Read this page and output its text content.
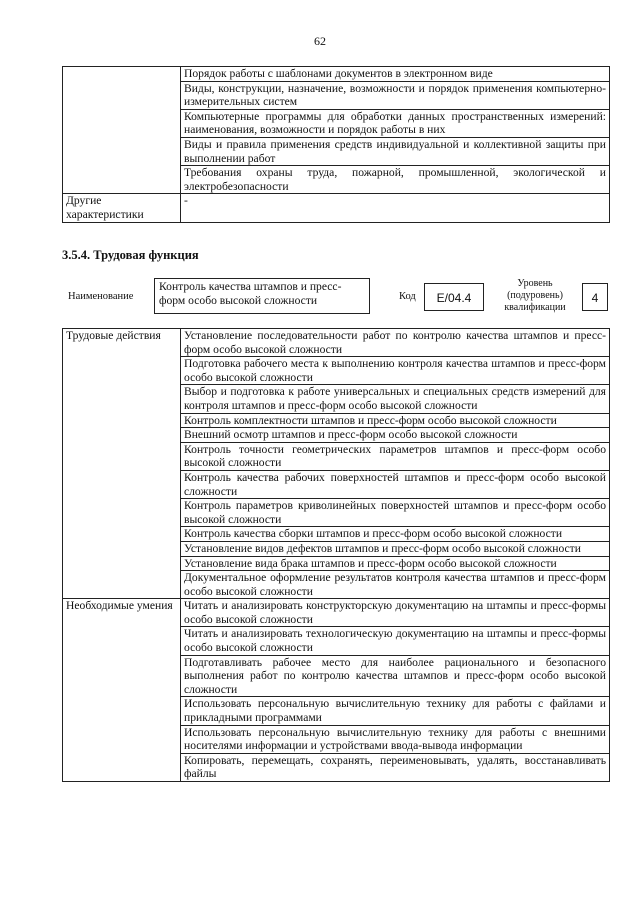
62
	Порядок работы с шаблонами документов в электронном виде
	Виды, конструкции, назначение, возможности и порядок применения компьютерно-измерительных систем
	Компьютерные программы для обработки данных пространственных измерений: наименования, возможности и порядок работы в них
	Виды и правила применения средств индивидуальной и коллективной защиты при выполнении работ
	Требования охраны труда, пожарной, промышленной, экологической и электробезопасности
Другие характеристики	-
3.5.4. Трудовая функция
Наименование
Контроль качества штампов и пресс-форм особо высокой сложности	Код	E/04.4
Уровень (подуровень) квалификации
4
Трудовые действия	Установление последовательности работ по контролю качества штампов и пресс-форм особо высокой сложности
	Подготовка рабочего места к выполнению контроля качества штампов и пресс-форм особо высокой сложности
	Выбор и подготовка к работе универсальных и специальных средств измерений для контроля штампов и пресс-форм особо высокой сложности
	Контроль комплектности штампов и пресс-форм особо высокой сложности
	Внешний осмотр штампов и пресс-форм особо высокой сложности
	Контроль точности геометрических параметров штампов и пресс-форм особо высокой сложности
	Контроль качества рабочих поверхностей штампов и пресс-форм особо высокой сложности
	Контроль параметров криволинейных поверхностей штампов и пресс-форм особо высокой сложности
	Контроль качества сборки штампов и пресс-форм особо высокой сложности
	Установление видов дефектов штампов и пресс-форм особо высокой сложности
	Установление вида брака штампов и пресс-форм особо высокой сложности
	Документальное оформление результатов контроля качества штампов и пресс-форм особо высокой сложности
Необходимые умения	Читать и анализировать конструкторскую документацию на штампы и пресс-формы особо высокой сложности
	Читать и анализировать технологическую документацию на штампы и пресс-формы особо высокой сложности
	Подготавливать рабочее место для наиболее рационального и безопасного выполнения работ по контролю качества штампов и пресс-форм особо высокой сложности
	Использовать персональную вычислительную технику для работы с файлами и прикладными программами
	Использовать персональную вычислительную технику для работы с внешними носителями информации и устройствами ввода-вывода информации
	Копировать, перемещать, сохранять, переименовывать, удалять, восстанавливать файлы
